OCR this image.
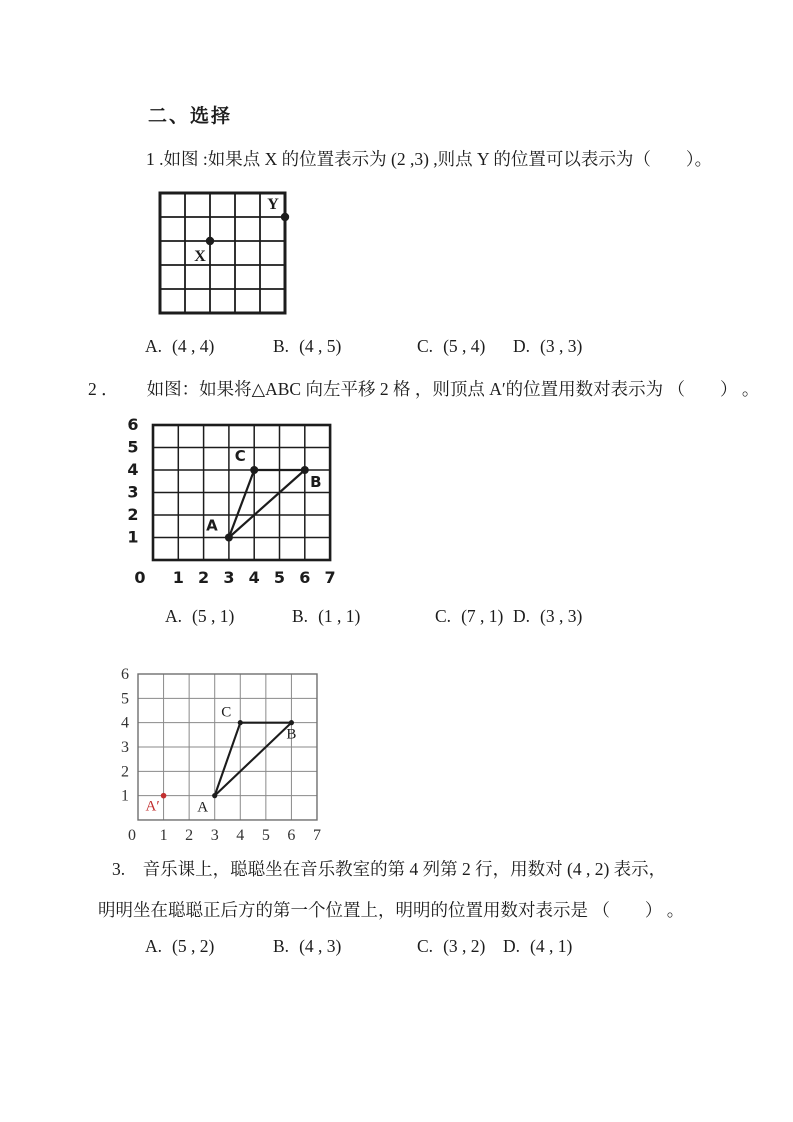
二、选择

1 .如图 :如果点 X 的位置表示为 (2 ,3) ,则点 Y 的位置可以表示为（　　）。

X
Y
A. (4 , 4)	B. (4 , 5)	C. (5 , 4) D. (3 , 3)

2 ． 如图：如果将△ABC 向左平移 2 格 ，则顶点 A′的位置用数对表示为 （　　） 。

0 1 2 3 4 5 6 7
1
2
3
4
5
6
A
C
B
A. (5 , 1)	B. (1 , 1)	C. (7 , 1) D. (3 , 3)
0 1 2 3 4 5 6 7
1
2
3
4
5
6
A
C
B
A′

3.　音乐课上，聪聪坐在音乐教室的第 4 列第 2 行，用数对 (4 , 2) 表示，

明明坐在聪聪正后方的第一个位置上，明明的位置用数对表示是 （　　） 。

A. (5 , 2)	B. (4 , 3)	C. (3 , 2) D. (4 , 1)
